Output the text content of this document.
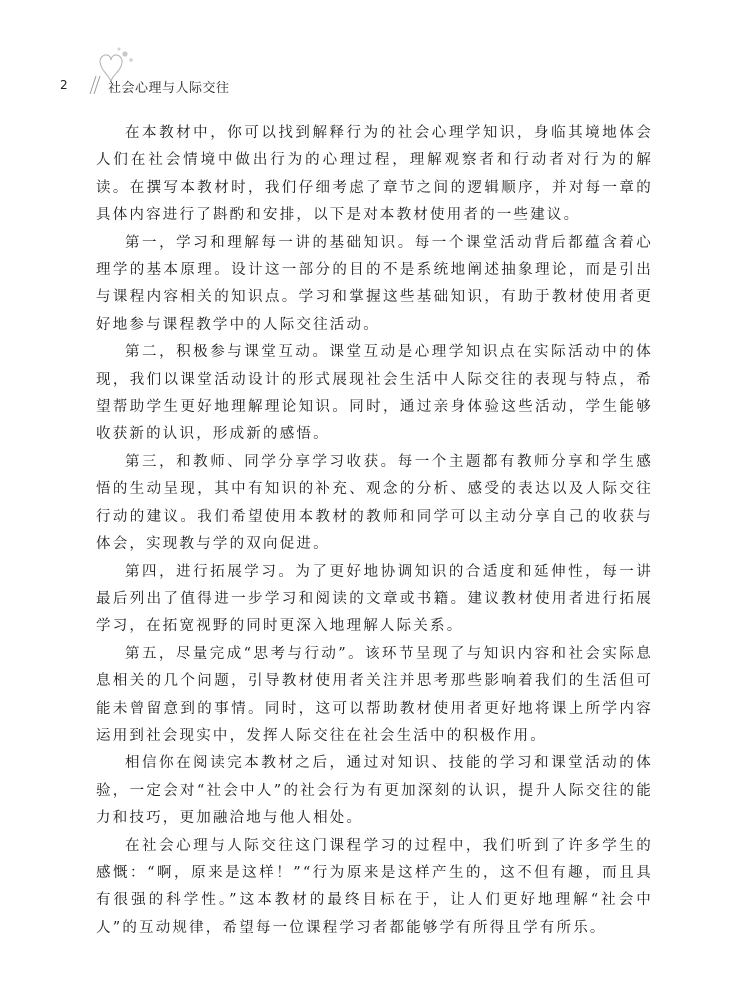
2	社会心理与人际交往

在本教材中，你可以找到解释行为的社会心理学知识，身临其境地体会人们在社会情境中做出行为的心理过程，理解观察者和行动者对行为的解读。在撰写本教材时，我们仔细考虑了章节之间的逻辑顺序，并对每一章的具体内容进行了斟酌和安排，以下是对本教材使用者的一些建议。

第一，学习和理解每一讲的基础知识。每一个课堂活动背后都蕴含着心理学的基本原理。设计这一部分的目的不是系统地阐述抽象理论，而是引出与课程内容相关的知识点。学习和掌握这些基础知识，有助于教材使用者更好地参与课程教学中的人际交往活动。

第二，积极参与课堂互动。课堂互动是心理学知识点在实际活动中的体现，我们以课堂活动设计的形式展现社会生活中人际交往的表现与特点，希望帮助学生更好地理解理论知识。同时，通过亲身体验这些活动，学生能够收获新的认识，形成新的感悟。

第三，和教师、同学分享学习收获。每一个主题都有教师分享和学生感悟的生动呈现，其中有知识的补充、观念的分析、感受的表达以及人际交往行动的建议。我们希望使用本教材的教师和同学可以主动分享自己的收获与体会，实现教与学的双向促进。

第四，进行拓展学习。为了更好地协调知识的合适度和延伸性，每一讲最后列出了值得进一步学习和阅读的文章或书籍。建议教材使用者进行拓展学习，在拓宽视野的同时更深入地理解人际关系。

第五，尽量完成“思考与行动”。该环节呈现了与知识内容和社会实际息息相关的几个问题，引导教材使用者关注并思考那些影响着我们的生活但可能未曾留意到的事情。同时，这可以帮助教材使用者更好地将课上所学内容运用到社会现实中，发挥人际交往在社会生活中的积极作用。

相信你在阅读完本教材之后，通过对知识、技能的学习和课堂活动的体验，一定会对“社会中人”的社会行为有更加深刻的认识，提升人际交往的能力和技巧，更加融洽地与他人相处。

在社会心理与人际交往这门课程学习的过程中，我们听到了许多学生的感慨：“啊，原来是这样！”“行为原来是这样产生的，这不但有趣，而且具有很强的科学性。”这本教材的最终目标在于，让人们更好地理解“社会中人”的互动规律，希望每一位课程学习者都能够学有所得且学有所乐。
